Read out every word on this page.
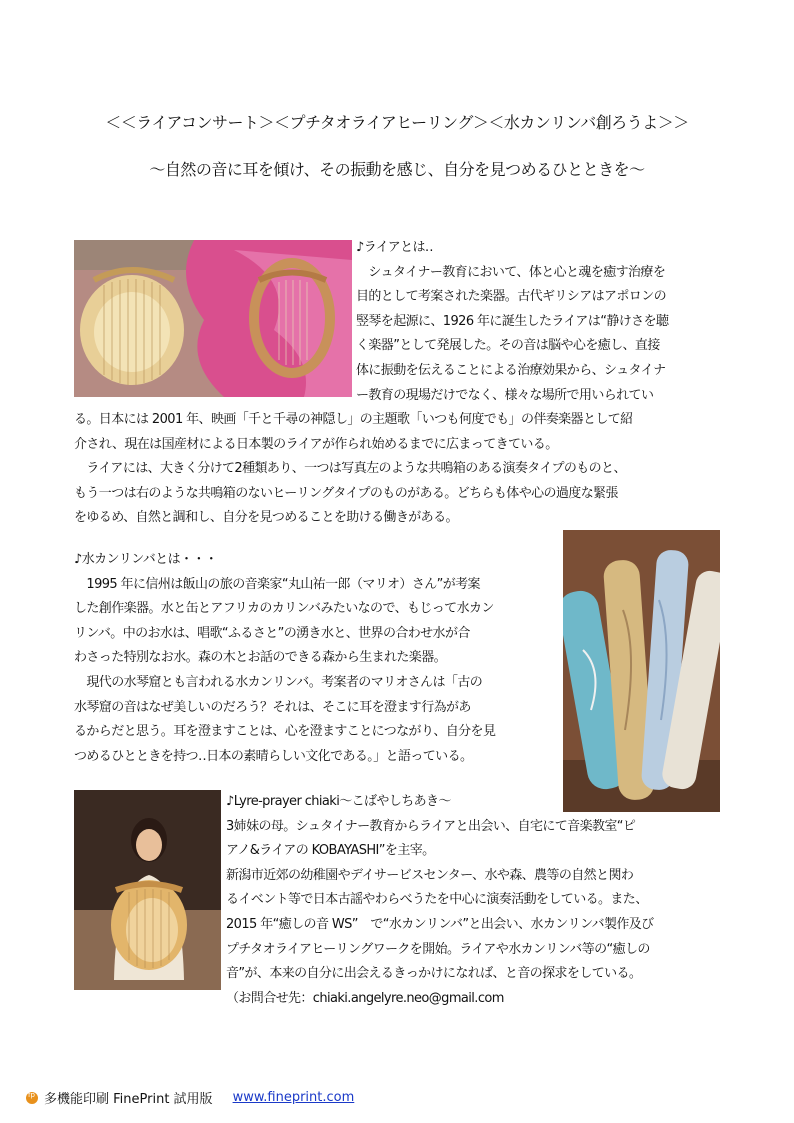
＜＜ライアコンサート＞＜プチタオライアヒーリング＞＜水カンリンバ創ろうよ＞＞
～自然の音に耳を傾け、その振動を感じ、自分を見つめるひとときを～
♪ライアとは‥
　シュタイナー教育において、体と心と魂を癒す治療を
目的として考案された楽器。古代ギリシアはアポロンの
竪琴を起源に、1926 年に誕生したライアは“静けさを聴
く楽器”として発展した。その音は脳や心を癒し、直接
体に振動を伝えることによる治療効果から、シュタイナ
ー教育の現場だけでなく、様々な場所で用いられてい
る。日本には 2001 年、映画「千と千尋の神隠し」の主題歌「いつも何度でも」の伴奏楽器として紹
介され、現在は国産材による日本製のライアが作られ始めるまでに広まってきている。
　ライアには、大きく分けて2種類あり、一つは写真左のような共鳴箱のある演奏タイプのものと、
もう一つは右のような共鳴箱のないヒーリングタイプのものがある。どちらも体や心の過度な緊張
をゆるめ、自然と調和し、自分を見つめることを助ける働きがある。
♪水カンリンバとは・・・
　1995 年に信州は飯山の旅の音楽家“丸山祐一郎（マリオ）さん”が考案
した創作楽器。水と缶とアフリカのカリンバみたいなので、もじって水カン
リンバ。中のお水は、唱歌“ふるさと”の湧き水と、世界の合わせ水が合
わさった特別なお水。森の木とお話のできる森から生まれた楽器。
　現代の水琴窟とも言われる水カンリンバ。考案者のマリオさんは「古の
水琴窟の音はなぜ美しいのだろう？それは、そこに耳を澄ます行為があ
るからだと思う。耳を澄ますことは、心を澄ますことにつながり、自分を見
つめるひとときを持つ‥日本の素晴らしい文化である。」と語っている。
♪Lyre-prayer chiaki～こばやしちあき～
3姉妹の母。シュタイナー教育からライアと出会い、自宅にて音楽教室“ピ
アノ&ライアの KOBAYASHI”を主宰。
新潟市近郊の幼稚園やデイサービスセンター、水や森、農等の自然と関わ
るイベント等で日本古謡やわらべうたを中心に演奏活動をしている。また、
2015 年“癒しの音 WS”　で“水カンリンバ”と出会い、水カンリンバ製作及び
プチタオライアヒーリングワークを開始。ライアや水カンリンバ等の“癒しの
音”が、本来の自分に出会えるきっかけになれば、と音の探求をしている。
（お問合せ先：chiaki.angelyre.neo@gmail.com
fp
多機能印刷 FinePrint 試用版 www.fineprint.com
